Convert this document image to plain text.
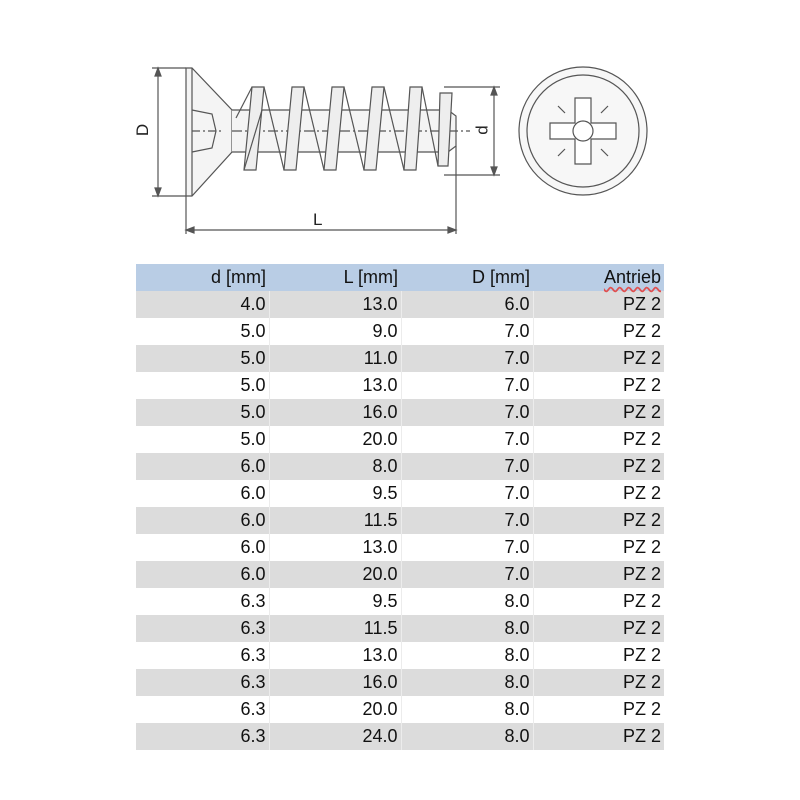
D	d
L
d [mm]	L [mm]	D [mm]	Antrieb
4.0	13.0	6.0	PZ 2
5.0	9.0	7.0	PZ 2
5.0	11.0	7.0	PZ 2
5.0	13.0	7.0	PZ 2
5.0	16.0	7.0	PZ 2
5.0	20.0	7.0	PZ 2
6.0	8.0	7.0	PZ 2
6.0	9.5	7.0	PZ 2
6.0	11.5	7.0	PZ 2
6.0	13.0	7.0	PZ 2
6.0	20.0	7.0	PZ 2
6.3	9.5	8.0	PZ 2
6.3	11.5	8.0	PZ 2
6.3	13.0	8.0	PZ 2
6.3	16.0	8.0	PZ 2
6.3	20.0	8.0	PZ 2
6.3	24.0	8.0	PZ 2
